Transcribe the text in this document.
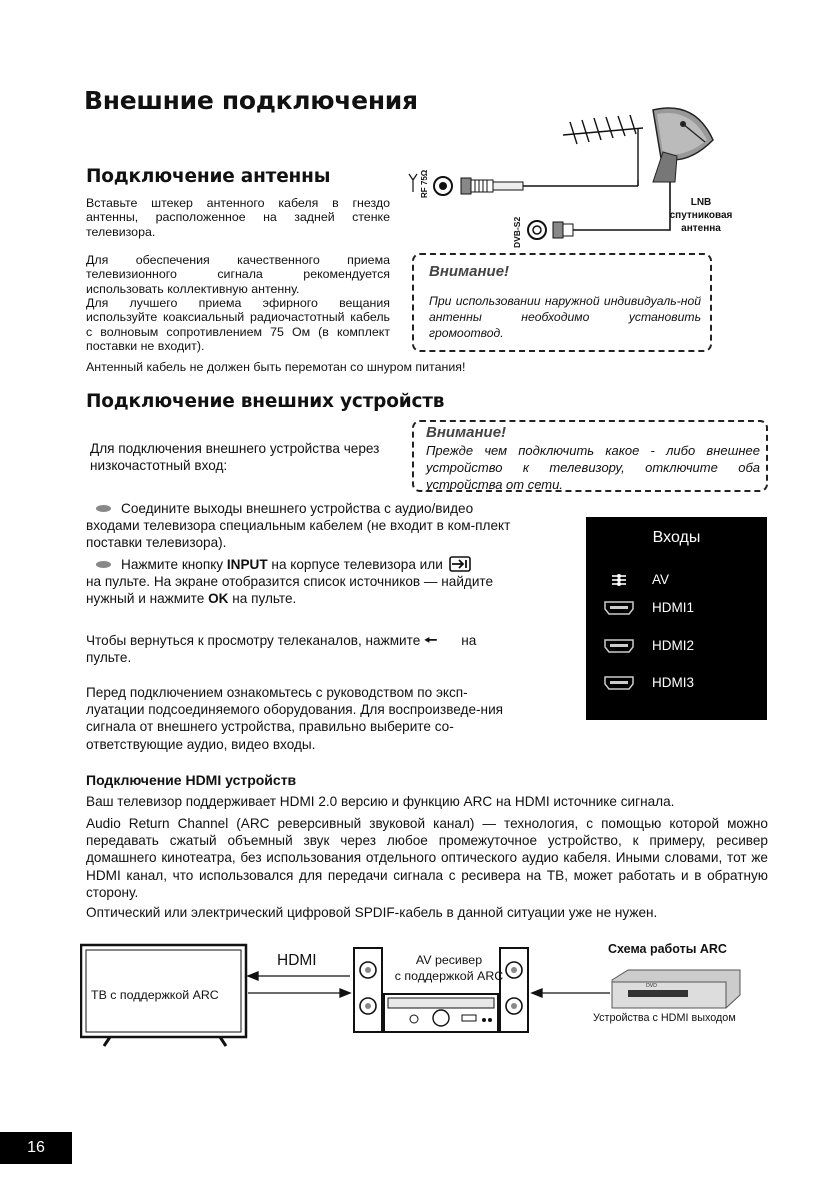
Внешние подключения
Подключение антенны
Вставьте штекер антенного кабеля в гнездо антенны, расположенное на задней стенке телевизора.
Для обеспечения качественного приема телевизионного сигнала рекомендуется использовать коллективную антенну.
Для лучшего приема эфирного вещания используйте коаксиальный радиочастотный кабель с волновым сопротивлением 75 Ом (в комплект поставки не входит).
Антенный кабель не должен быть перемотан со шнуром питания!
RF 75Ω
DVB-S2
LNB
спутниковая
антенна
Внимание!
При использовании наружной индивидуаль-ной антенны необходимо установить громоотвод.
Подключение внешних устройств
Для подключения внешнего устройства через низкочастотный вход:
Внимание!
Прежде чем подключить какое - либо внешнее устройство к телевизору, отключите оба устройства от сети.
Соедините выходы внешнего устройства с аудио/видео входами телевизора специальным кабелем (не входит в ком-плект поставки телевизора).
Нажмите кнопку INPUT на корпусе телевизора или
на пульте. На экране отобразится список источников — найдите нужный и нажмите OK на пульте.
Чтобы вернуться к просмотру телеканалов, нажмите 🠔 на
пульте.
Перед подключением ознакомьтесь с руководством по эксп-луатации подсоединяемого оборудования. Для воспроизведе-ния сигнала от внешнего устройства, правильно выберите со-ответствующие аудио, видео входы.
Входы
AV
HDMI1
HDMI2
HDMI3
Подключение HDMI устройств
Ваш телевизор поддерживает HDMI 2.0 версию и функцию ARC на HDMI источнике сигнала.
Audio Return Channel (ARC реверсивный звуковой канал) — технология, с помощью которой можно передавать сжатый объемный звук через любое промежуточное устройство, к примеру, ресивер домашнего кинотеатра, без использования отдельного оптического аудио кабеля. Иными словами, тот же HDMI канал, что использовался для передачи сигнала с ресивера на ТВ, может работать и в обратную сторону.
Оптический или электрический цифровой SPDIF-кабель в данной ситуации уже не нужен.
DVD
ТВ с поддержкой ARC
HDMI	AV ресивер
с поддержкой ARC
Схема работы ARC
Устройства с HDMI выходом
16
